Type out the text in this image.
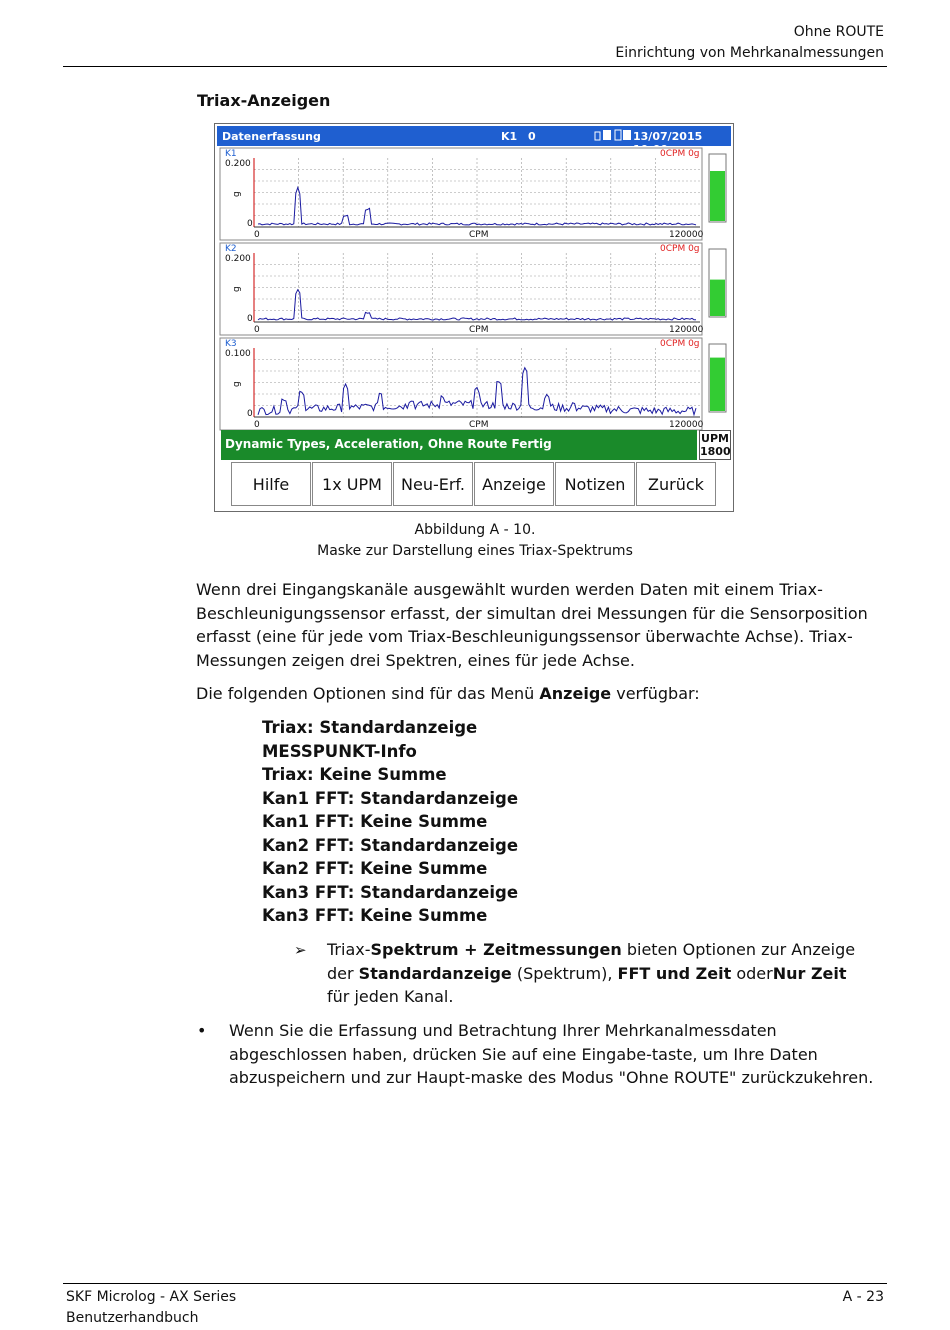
Ohne ROUTE
Einrichtung von Mehrkanalmessungen
Triax-Anzeigen
Datenerfassung	K1 0	13/07/2015
K1
0.200
g
0
0CPM 0g
0	CPM	120000
K2
0.200
g
0
0CPM 0g
0	CPM	120000
K3
0.100
g
0
0CPM 0g
0	CPM	120000
Dynamic Types, Acceleration, Ohne Route Fertig	UPM
1800
Hilfe	1x UPM	Neu-Erf.	Anzeige	Notizen	Zurück
Abbildung A - 10.
Maske zur Darstellung eines Triax-Spektrums

Wenn drei Eingangskanäle ausgewählt wurden werden Daten mit einem Triax-Beschleunigungssensor erfasst, der simultan drei Messungen für die Sensorposition erfasst (eine für jede vom Triax-Beschleunigungssensor überwachte Achse). Triax-Messungen zeigen drei Spektren, eines für jede Achse.

Die folgenden Optionen sind für das Menü Anzeige verfügbar:

Triax: Standardanzeige
MESSPUNKT-Info
Triax: Keine Summe
Kan1 FFT: Standardanzeige
Kan1 FFT: Keine Summe
Kan2 FFT: Standardanzeige
Kan2 FFT: Keine Summe
Kan3 FFT: Standardanzeige
Kan3 FFT: Keine Summe
➢ Triax-Spektrum + Zeitmessungen bieten Optionen zur Anzeige der Standardanzeige (Spektrum), FFT und Zeit oderNur Zeit für jeden Kanal.

• Wenn Sie die Erfassung und Betrachtung Ihrer Mehrkanalmessdaten abgeschlossen haben, drücken Sie auf eine Eingabe-taste, um Ihre Daten abzuspeichern und zur Haupt-maske des Modus "Ohne ROUTE" zurückzukehren.

SKF Microlog - AX Series
Benutzerhandbuch
A - 23
